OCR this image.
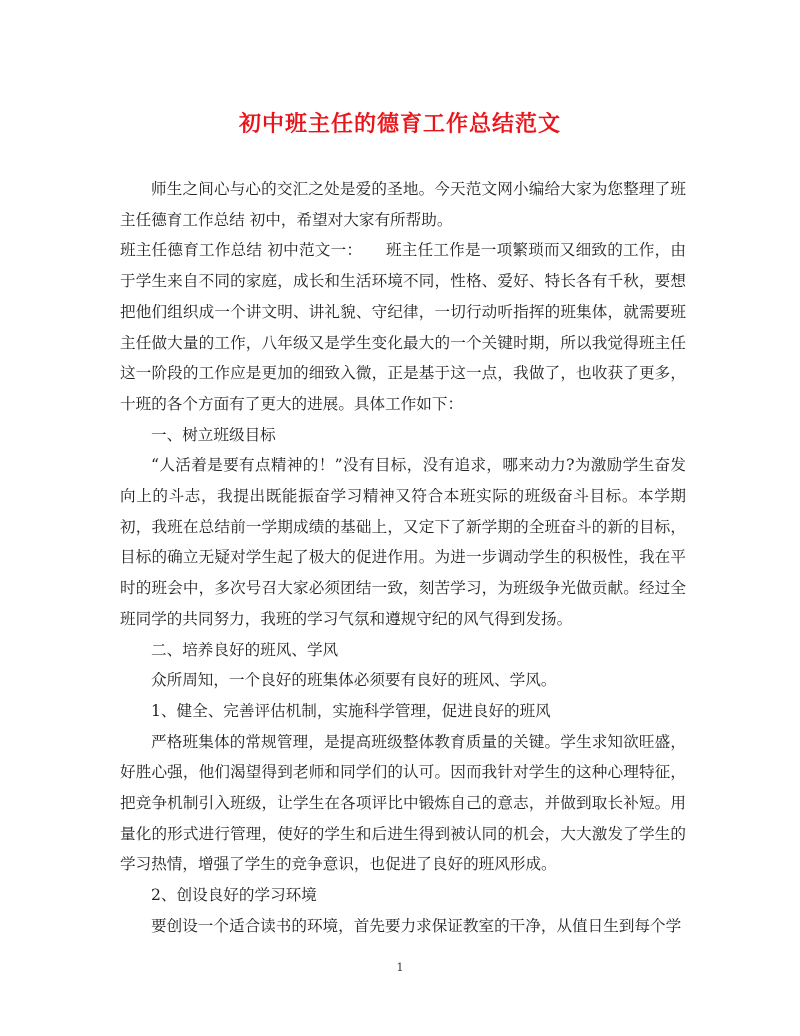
初中班主任的德育工作总结范文

师生之间心与心的交汇之处是爱的圣地。今天范文网小编给大家为您整理了班主任德育工作总结 初中，希望对大家有所帮助。

班主任德育工作总结 初中范文一：　　班主任工作是一项繁琐而又细致的工作，由于学生来自不同的家庭，成长和生活环境不同，性格、爱好、特长各有千秋，要想把他们组织成一个讲文明、讲礼貌、守纪律，一切行动听指挥的班集体，就需要班主任做大量的工作，八年级又是学生变化最大的一个关键时期，所以我觉得班主任这一阶段的工作应是更加的细致入微，正是基于这一点，我做了，也收获了更多，十班的各个方面有了更大的进展。具体工作如下：

一、树立班级目标

“人活着是要有点精神的！”没有目标，没有追求，哪来动力?为激励学生奋发向上的斗志，我提出既能振奋学习精神又符合本班实际的班级奋斗目标。本学期初，我班在总结前一学期成绩的基础上，又定下了新学期的全班奋斗的新的目标，目标的确立无疑对学生起了极大的促进作用。为进一步调动学生的积极性，我在平时的班会中，多次号召大家必须团结一致，刻苦学习，为班级争光做贡献。经过全班同学的共同努力，我班的学习气氛和遵规守纪的风气得到发扬。

二、培养良好的班风、学风

众所周知，一个良好的班集体必须要有良好的班风、学风。

1、健全、完善评估机制，实施科学管理，促进良好的班风

严格班集体的常规管理，是提高班级整体教育质量的关键。学生求知欲旺盛，好胜心强，他们渴望得到老师和同学们的认可。因而我针对学生的这种心理特征，把竞争机制引入班级，让学生在各项评比中锻炼自己的意志，并做到取长补短。用量化的形式进行管理，使好的学生和后进生得到被认同的机会，大大激发了学生的学习热情，增强了学生的竞争意识，也促进了良好的班风形成。

2、创设良好的学习环境

要创设一个适合读书的环境，首先要力求保证教室的干净，从值日生到每个学

1
